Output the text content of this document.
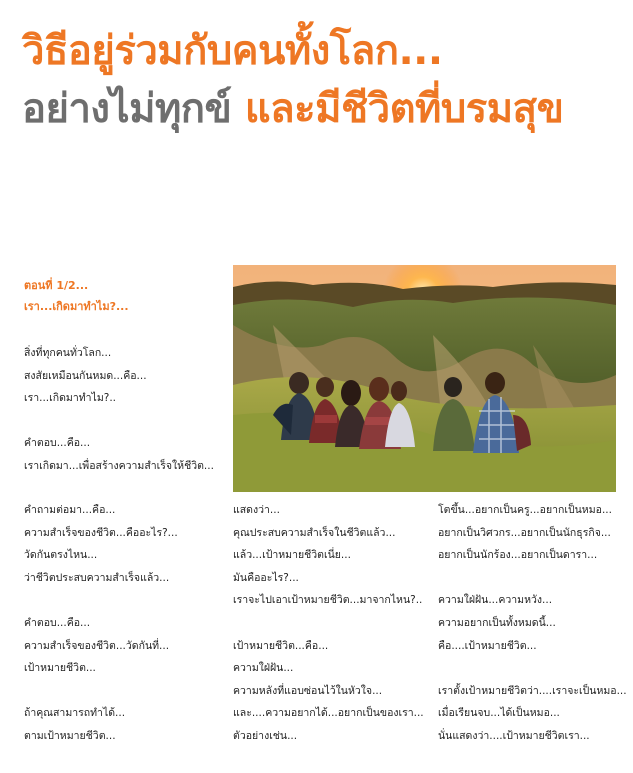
วิธีอยู่ร่วมกับคนทั้งโลก...
อย่างไม่ทุกข์ และมีชีวิตที่บรมสุข
ตอนที่ 1/2...
เรา...เกิดมาทำไม?...
สิ่งที่ทุกคนทั่วโลก...
สงสัยเหมือนกันหมด...คือ...
เรา...เกิดมาทำไม?..
คำตอบ...คือ...
เราเกิดมา...เพื่อสร้างความสำเร็จให้ชีวิต...
คำถามต่อมา...คือ...
ความสำเร็จของชีวิต...คืออะไร?...
วัดกันตรงไหน...
ว่าชีวิตประสบความสำเร็จแล้ว...
คำตอบ...คือ...
ความสำเร็จของชีวิต...วัดกันที่...
เป้าหมายชีวิต...
ถ้าคุณสามารถทำได้...
ตามเป้าหมายชีวิต...
แสดงว่า...
คุณประสบความสำเร็จในชีวิตแล้ว...
แล้ว...เป้าหมายชีวิตเนี่ย...
มันคืออะไร?...
เราจะไปเอาเป้าหมายชีวิต...มาจากไหน?..
เป้าหมายชีวิต...คือ...
ความใฝ่ฝัน...
ความหลังที่แอบซ่อนไว้ในหัวใจ...
และ....ความอยากได้...อยากเป็นของเรา...
ตัวอย่างเช่น...
โตขึ้น...อยากเป็นครู...อยากเป็นหมอ...
อยากเป็นวิศวกร...อยากเป็นนักธุรกิจ...
อยากเป็นนักร้อง...อยากเป็นดารา...
ความใฝ่ฝัน...ความหวัง...
ความอยากเป็นทั้งหมดนี้...
คือ....เป้าหมายชีวิต...
เราตั้งเป้าหมายชีวิตว่า....เราจะเป็นหมอ...
เมื่อเรียนจบ...ได้เป็นหมอ...
นั่นแสดงว่า....เป้าหมายชีวิตเรา...
